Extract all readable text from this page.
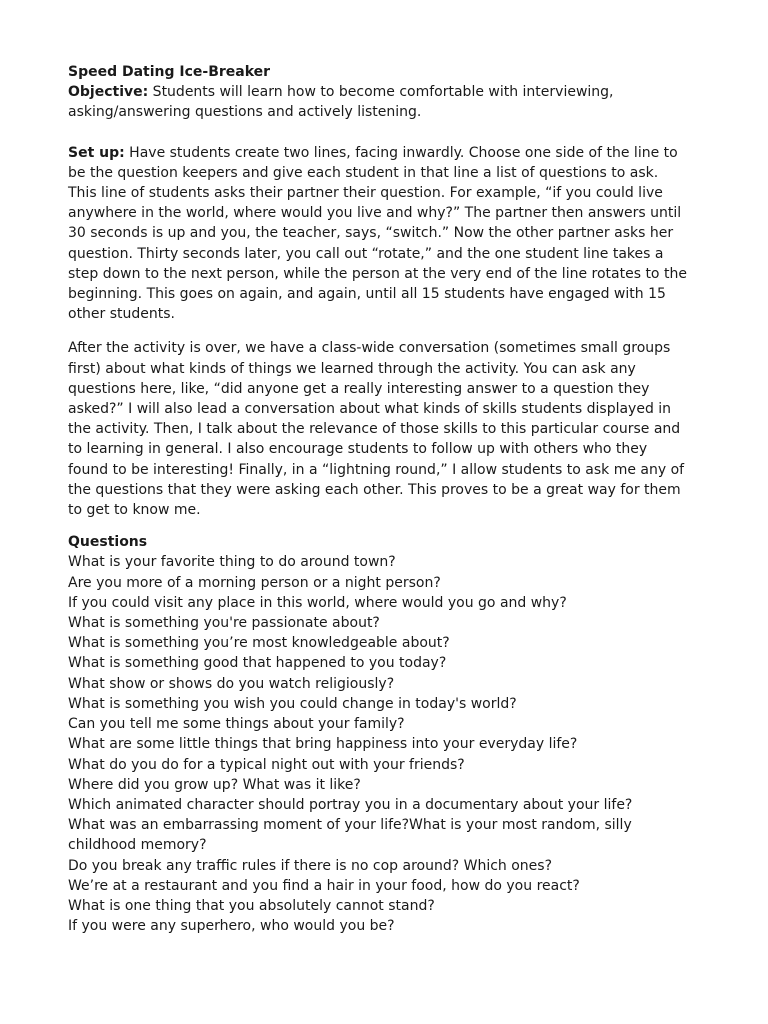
Speed Dating Ice-Breaker

Objective: Students will learn how to become comfortable with interviewing, asking/answering questions and actively listening.

Set up: Have students create two lines, facing inwardly. Choose one side of the line to be the question keepers and give each student in that line a list of questions to ask. This line of students asks their partner their question. For example, “if you could live anywhere in the world, where would you live and why?” The partner then answers until 30 seconds is up and you, the teacher, says, “switch.” Now the other partner asks her question. Thirty seconds later, you call out “rotate,” and the one student line takes a step down to the next person, while the person at the very end of the line rotates to the beginning. This goes on again, and again, until all 15 students have engaged with 15 other students.

After the activity is over, we have a class-wide conversation (sometimes small groups first) about what kinds of things we learned through the activity. You can ask any questions here, like, “did anyone get a really interesting answer to a question they asked?” I will also lead a conversation about what kinds of skills students displayed in the activity. Then, I talk about the relevance of those skills to this particular course and to learning in general. I also encourage students to follow up with others who they found to be interesting! Finally, in a “lightning round,” I allow students to ask me any of the questions that they were asking each other. This proves to be a great way for them to get to know me.

Questions

What is your favorite thing to do around town?
Are you more of a morning person or a night person?
If you could visit any place in this world, where would you go and why?
What is something you're passionate about?
What is something you’re most knowledgeable about?
What is something good that happened to you today?
What show or shows do you watch religiously?
What is something you wish you could change in today's world?
Can you tell me some things about your family?
What are some little things that bring happiness into your everyday life?
What do you do for a typical night out with your friends?
Where did you grow up? What was it like?
Which animated character should portray you in a documentary about your life?
What was an embarrassing moment of your life?What is your most random, silly childhood memory?
Do you break any traffic rules if there is no cop around? Which ones?
We’re at a restaurant and you find a hair in your food, how do you react?
What is one thing that you absolutely cannot stand?
If you were any superhero, who would you be?
